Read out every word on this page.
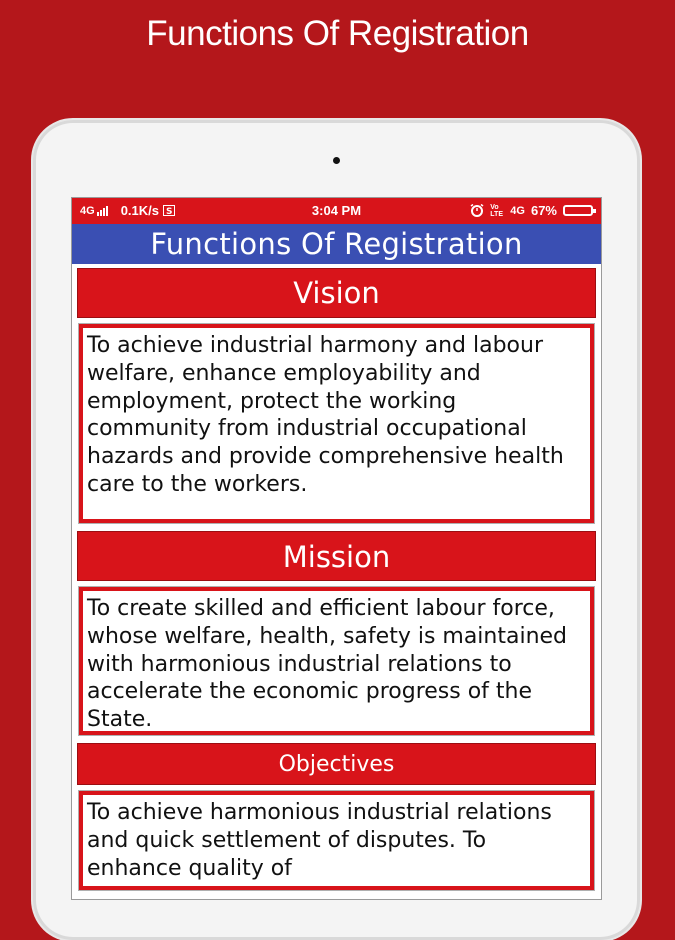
Functions Of Registration
4G 0.1K/s S	3:04 PM	Vo LTE 4G 67%
Functions Of Registration
Vision
To achieve industrial harmony and labour welfare, enhance employability and employment, protect the working community from industrial occupational hazards and provide comprehensive health care to the workers.
Mission
To create skilled and efficient labour force, whose welfare, health, safety is maintained with harmonious industrial relations to accelerate the economic progress of the State.
Objectives
To achieve harmonious industrial relations and quick settlement of disputes. To enhance quality of
